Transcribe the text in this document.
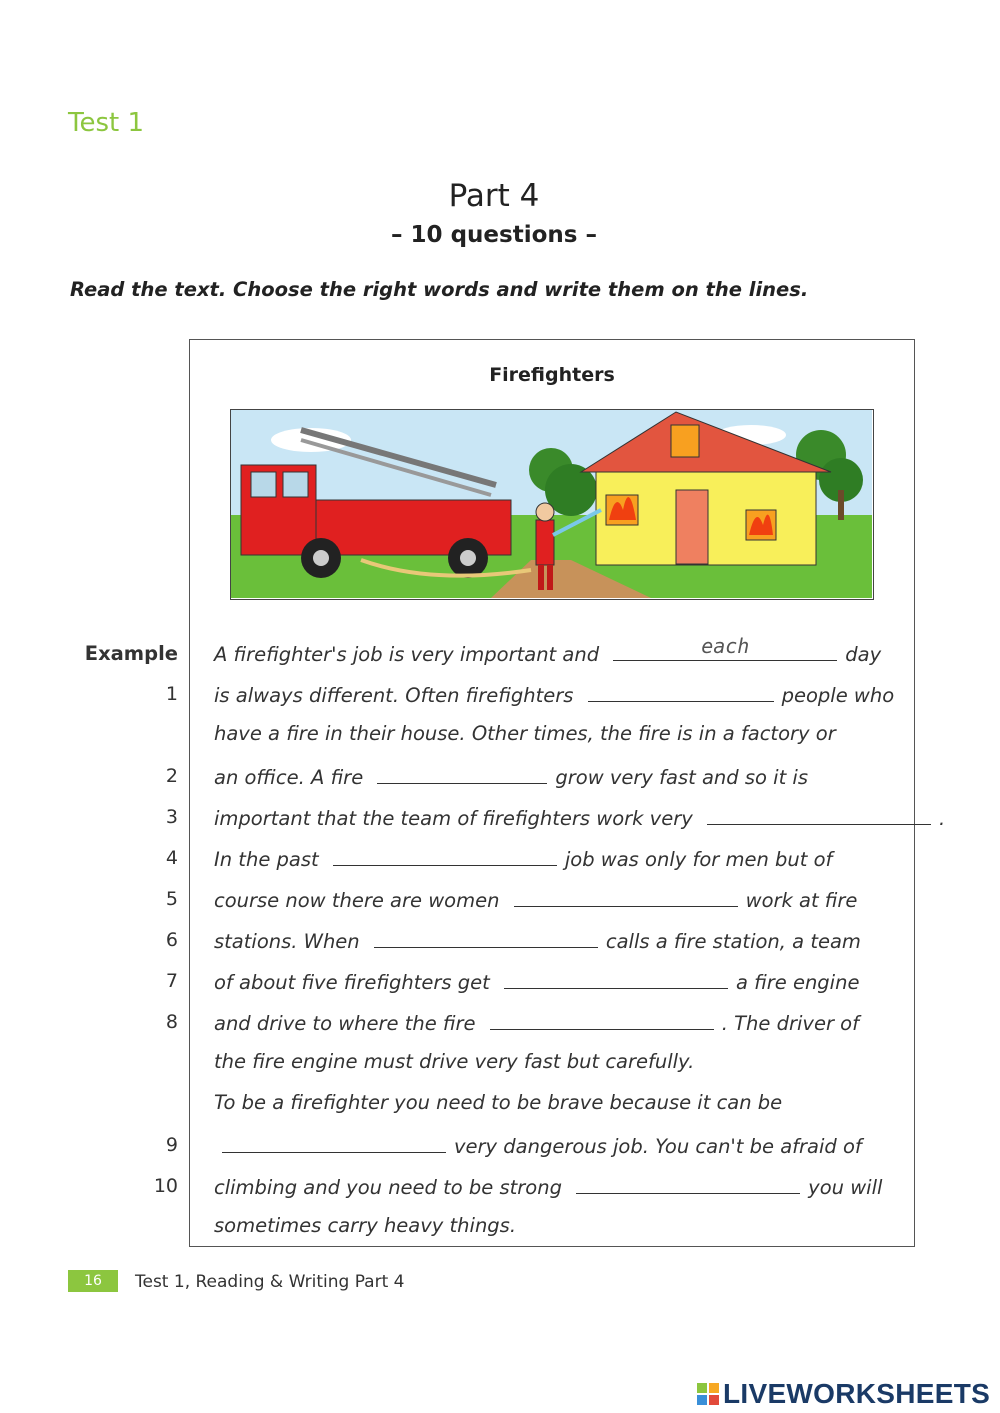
Test 1
Part 4
– 10 questions –
Read the text. Choose the right words and write them on the lines.
Firefighters
Example A firefighter's job is very important and	each	day
1 is always different. Often firefighters	people who
have a fire in their house. Other times, the fire is in a factory or
2 an office. A fire	grow very fast and so it is
3 important that the team of firefighters work very	.
4 In the past	job was only for men but of
5 course now there are women	work at fire
6 stations. When	calls a fire station, a team
7 of about five firefighters get	a fire engine
8 and drive to where the fire	. The driver of
the fire engine must drive very fast but carefully.
To be a firefighter you need to be brave because it can be
9	very dangerous job. You can't be afraid of
10 climbing and you need to be strong	you will
sometimes carry heavy things.
16	Test 1, Reading & Writing Part 4
LIVEWORKSHEETS
